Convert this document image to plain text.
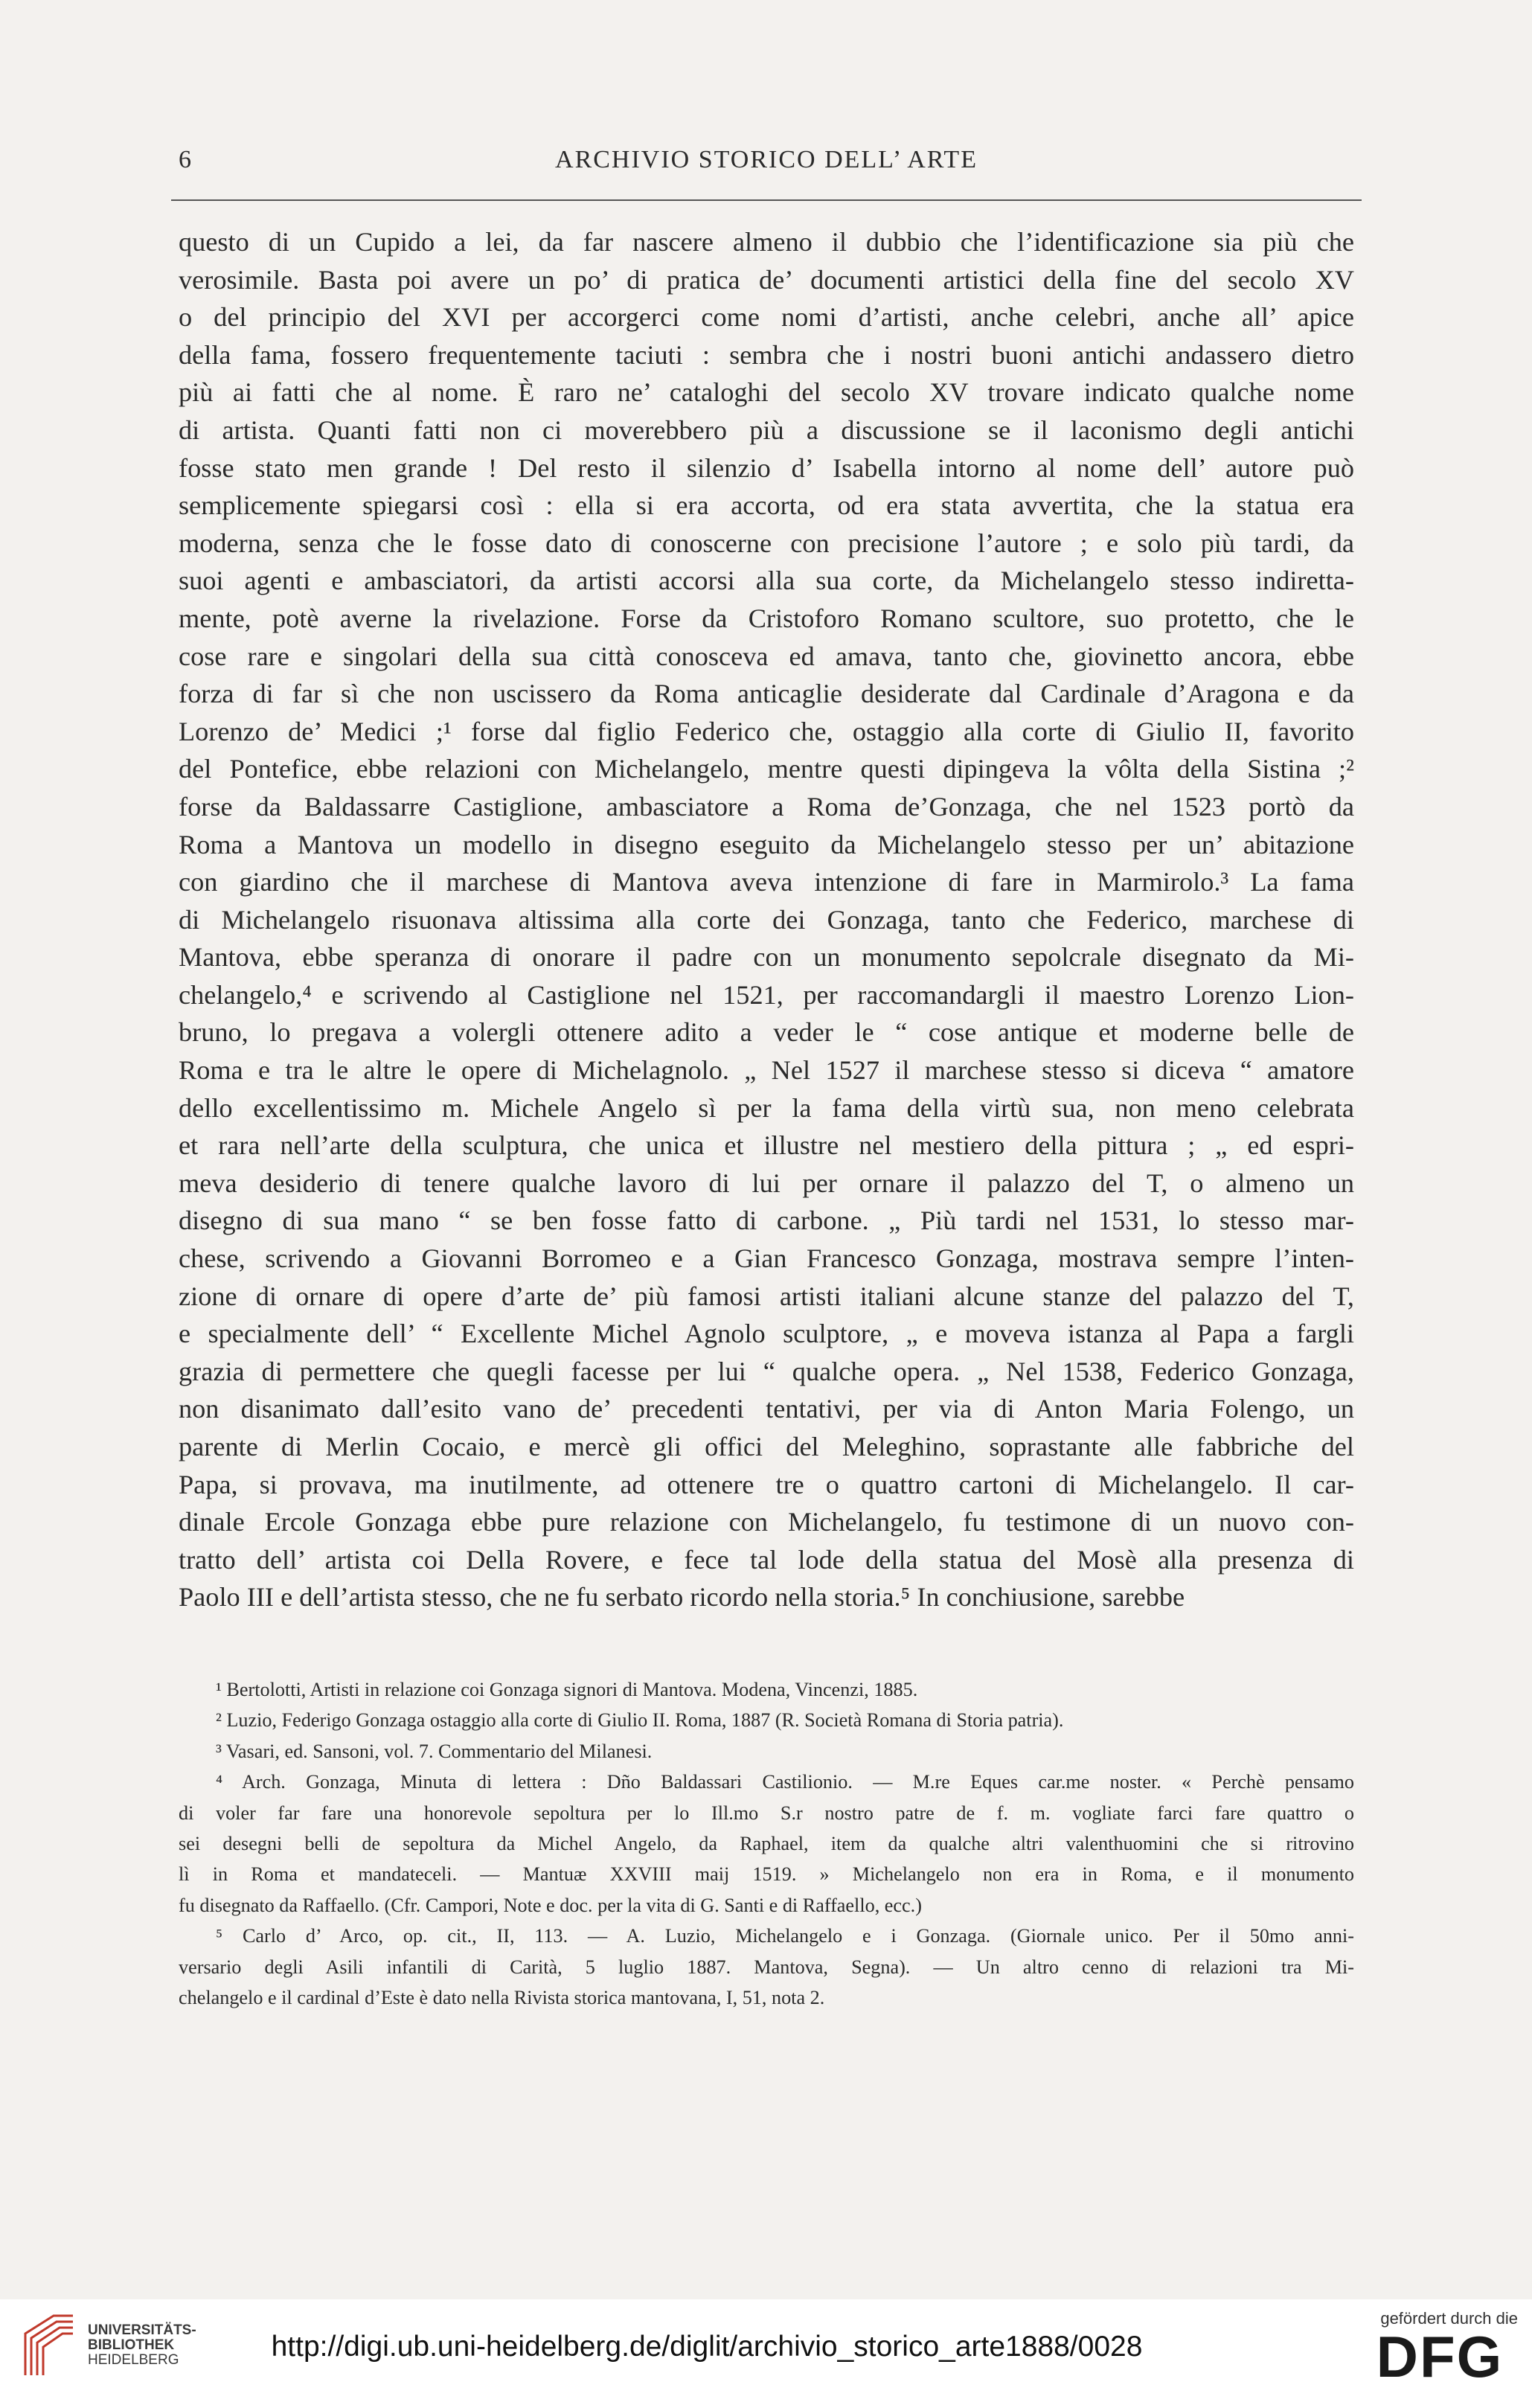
6	ARCHIVIO STORICO DELL’ ARTE
questo di un Cupido a lei, da far nascere almeno il dubbio che l’identificazione sia più che
verosimile. Basta poi avere un po’ di pratica de’ documenti artistici della fine del secolo XV
o del principio del XVI per accorgerci come nomi d’artisti, anche celebri, anche all’ apice
della fama, fossero frequentemente taciuti : sembra che i nostri buoni antichi andassero dietro
più ai fatti che al nome. È raro ne’ cataloghi del secolo XV trovare indicato qualche nome
di artista. Quanti fatti non ci moverebbero più a discussione se il laconismo degli antichi
fosse stato men grande ! Del resto il silenzio d’ Isabella intorno al nome dell’ autore può
semplicemente spiegarsi così : ella si era accorta, od era stata avvertita, che la statua era
moderna, senza che le fosse dato di conoscerne con precisione l’autore ; e solo più tardi, da
suoi agenti e ambasciatori, da artisti accorsi alla sua corte, da Michelangelo stesso indiretta-
mente, potè averne la rivelazione. Forse da Cristoforo Romano scultore, suo protetto, che le
cose rare e singolari della sua città conosceva ed amava, tanto che, giovinetto ancora, ebbe
forza di far sì che non uscissero da Roma anticaglie desiderate dal Cardinale d’Aragona e da
Lorenzo de’ Medici ;¹ forse dal figlio Federico che, ostaggio alla corte di Giulio II, favorito
del Pontefice, ebbe relazioni con Michelangelo, mentre questi dipingeva la vôlta della Sistina ;²
forse da Baldassarre Castiglione, ambasciatore a Roma de’Gonzaga, che nel 1523 portò da
Roma a Mantova un modello in disegno eseguito da Michelangelo stesso per un’ abitazione
con giardino che il marchese di Mantova aveva intenzione di fare in Marmirolo.³ La fama
di Michelangelo risuonava altissima alla corte dei Gonzaga, tanto che Federico, marchese di
Mantova, ebbe speranza di onorare il padre con un monumento sepolcrale disegnato da Mi-
chelangelo,⁴ e scrivendo al Castiglione nel 1521, per raccomandargli il maestro Lorenzo Lion-
bruno, lo pregava a volergli ottenere adito a veder le “ cose antique et moderne belle de
Roma e tra le altre le opere di Michelagnolo. „ Nel 1527 il marchese stesso si diceva “ amatore
dello excellentissimo m. Michele Angelo sì per la fama della virtù sua, non meno celebrata
et rara nell’arte della sculptura, che unica et illustre nel mestiero della pittura ; „ ed espri-
meva desiderio di tenere qualche lavoro di lui per ornare il palazzo del T, o almeno un
disegno di sua mano “ se ben fosse fatto di carbone. „ Più tardi nel 1531, lo stesso mar-
chese, scrivendo a Giovanni Borromeo e a Gian Francesco Gonzaga, mostrava sempre l’inten-
zione di ornare di opere d’arte de’ più famosi artisti italiani alcune stanze del palazzo del T,
e specialmente dell’ “ Excellente Michel Agnolo sculptore, „ e moveva istanza al Papa a fargli
grazia di permettere che quegli facesse per lui “ qualche opera. „ Nel 1538, Federico Gonzaga,
non disanimato dall’esito vano de’ precedenti tentativi, per via di Anton Maria Folengo, un
parente di Merlin Cocaio, e mercè gli offici del Meleghino, soprastante alle fabbriche del
Papa, si provava, ma inutilmente, ad ottenere tre o quattro cartoni di Michelangelo. Il car-
dinale Ercole Gonzaga ebbe pure relazione con Michelangelo, fu testimone di un nuovo con-
tratto dell’ artista coi Della Rovere, e fece tal lode della statua del Mosè alla presenza di
Paolo III e dell’artista stesso, che ne fu serbato ricordo nella storia.⁵ In conchiusione, sarebbe
¹ Bertolotti, Artisti in relazione coi Gonzaga signori di Mantova. Modena, Vincenzi, 1885.
² Luzio, Federigo Gonzaga ostaggio alla corte di Giulio II. Roma, 1887 (R. Società Romana di Storia patria).
³ Vasari, ed. Sansoni, vol. 7. Commentario del Milanesi.
⁴ Arch. Gonzaga, Minuta di lettera : Dño Baldassari Castilionio. — M.re Eques car.me noster. « Perchè pensamo
di voler far fare una honorevole sepoltura per lo Ill.mo S.r nostro patre de f. m. vogliate farci fare quattro o
sei desegni belli de sepoltura da Michel Angelo, da Raphael, item da qualche altri valenthuomini che si ritrovino
lì in Roma et mandateceli. — Mantuæ XXVIII maij 1519. » Michelangelo non era in Roma, e il monumento
fu disegnato da Raffaello. (Cfr. Campori, Note e doc. per la vita di G. Santi e di Raffaello, ecc.)
⁵ Carlo d’ Arco, op. cit., II, 113. — A. Luzio, Michelangelo e i Gonzaga. (Giornale unico. Per il 50mo anni-
versario degli Asili infantili di Carità, 5 luglio 1887. Mantova, Segna). — Un altro cenno di relazioni tra Mi-
chelangelo e il cardinal d’Este è dato nella Rivista storica mantovana, I, 51, nota 2.
UNIVERSITÄTS-
BIBLIOTHEK
HEIDELBERG	http://digi.ub.uni-heidelberg.de/diglit/archivio_storico_arte1888/0028
gefördert durch die
DFG
